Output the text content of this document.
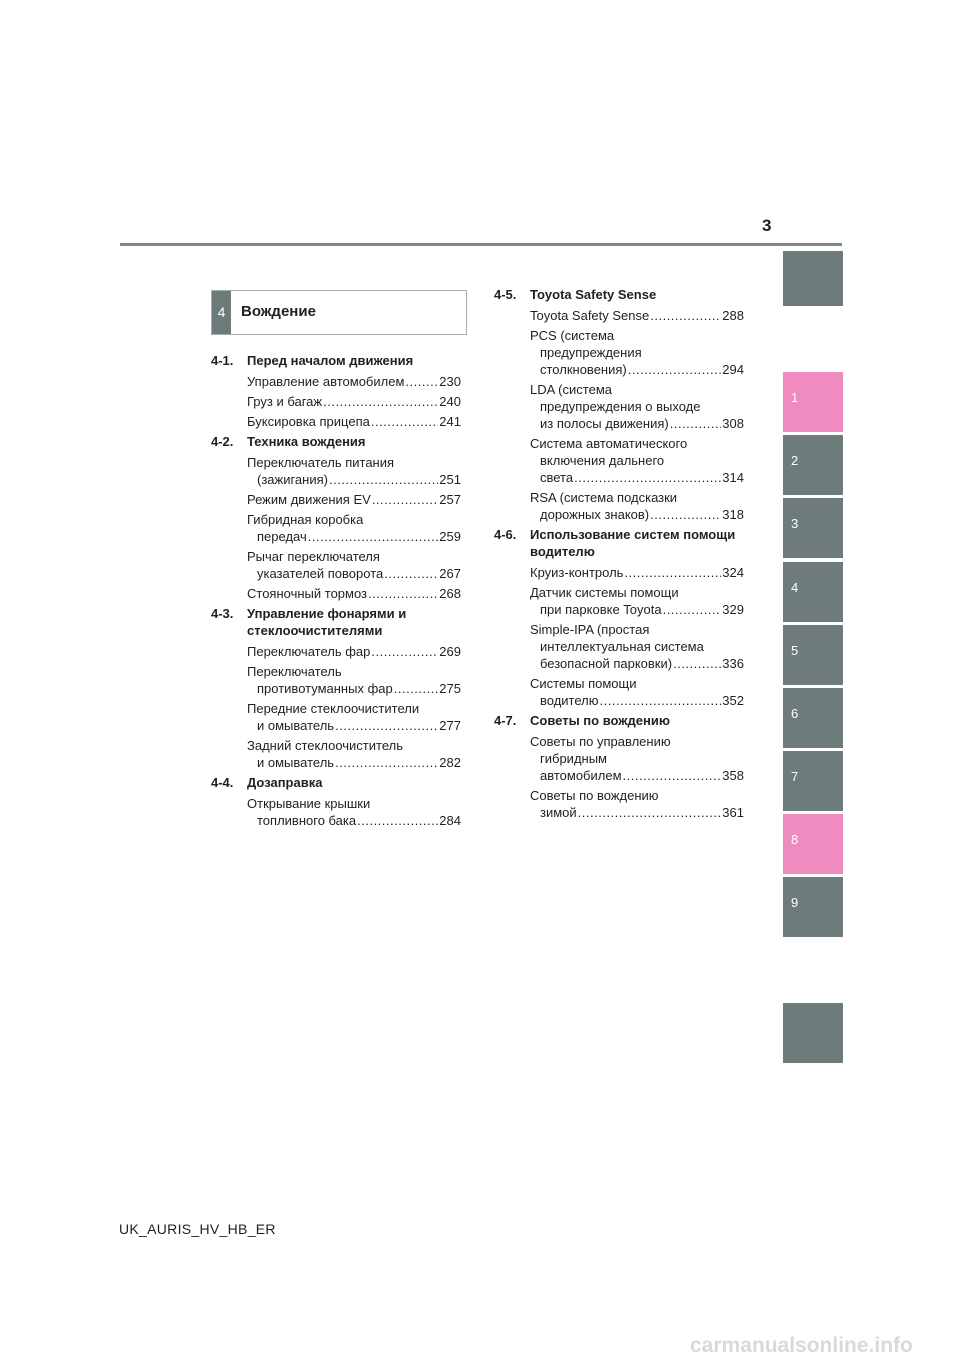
3
4	Вождение
4-1.	Перед началом движения
Управление автомобилем .....	230
Груз и багаж .....	240
Буксировка прицепа .....	241
4-2.	Техника вождения
Переключатель питания
(зажигания) .....	251
Режим движения EV .....	257
Гибридная коробка
передач .....	259
Рычаг переключателя
указателей поворота .....	267
Стояночный тормоз .....	268
4-3.	Управление фонарями и стеклоочистителями
Переключатель фар .....	269
Переключатель
противотуманных фар .....	275
Передние стеклоочистители
и омыватель .....	277
Задний стеклоочиститель
и омыватель .....	282
4-4.	Дозаправка
Открывание крышки
топливного бака .....	284
4-5.	Toyota Safety Sense
Toyota Safety Sense .....	288
PCS (система
предупреждения
столкновения) .....	294
LDA (система
предупреждения о выходе
из полосы движения) .....	308
Система автоматического
включения дальнего
света .....	314
RSA (система подсказки
дорожных знаков) .....	318
4-6.	Использование систем помощи водителю
Круиз-контроль .....	324
Датчик системы помощи
при парковке Toyota .....	329
Simple-IPA (простая
интеллектуальная система
безопасной парковки) .....	336
Системы помощи
водителю .....	352
4-7.	Советы по вождению
Советы по управлению
гибридным
автомобилем .....	358
Советы по вождению
зимой .....	361
1
2
3
4
5
6
7
8
9
UK_AURIS_HV_HB_ER
carmanualsonline.info
